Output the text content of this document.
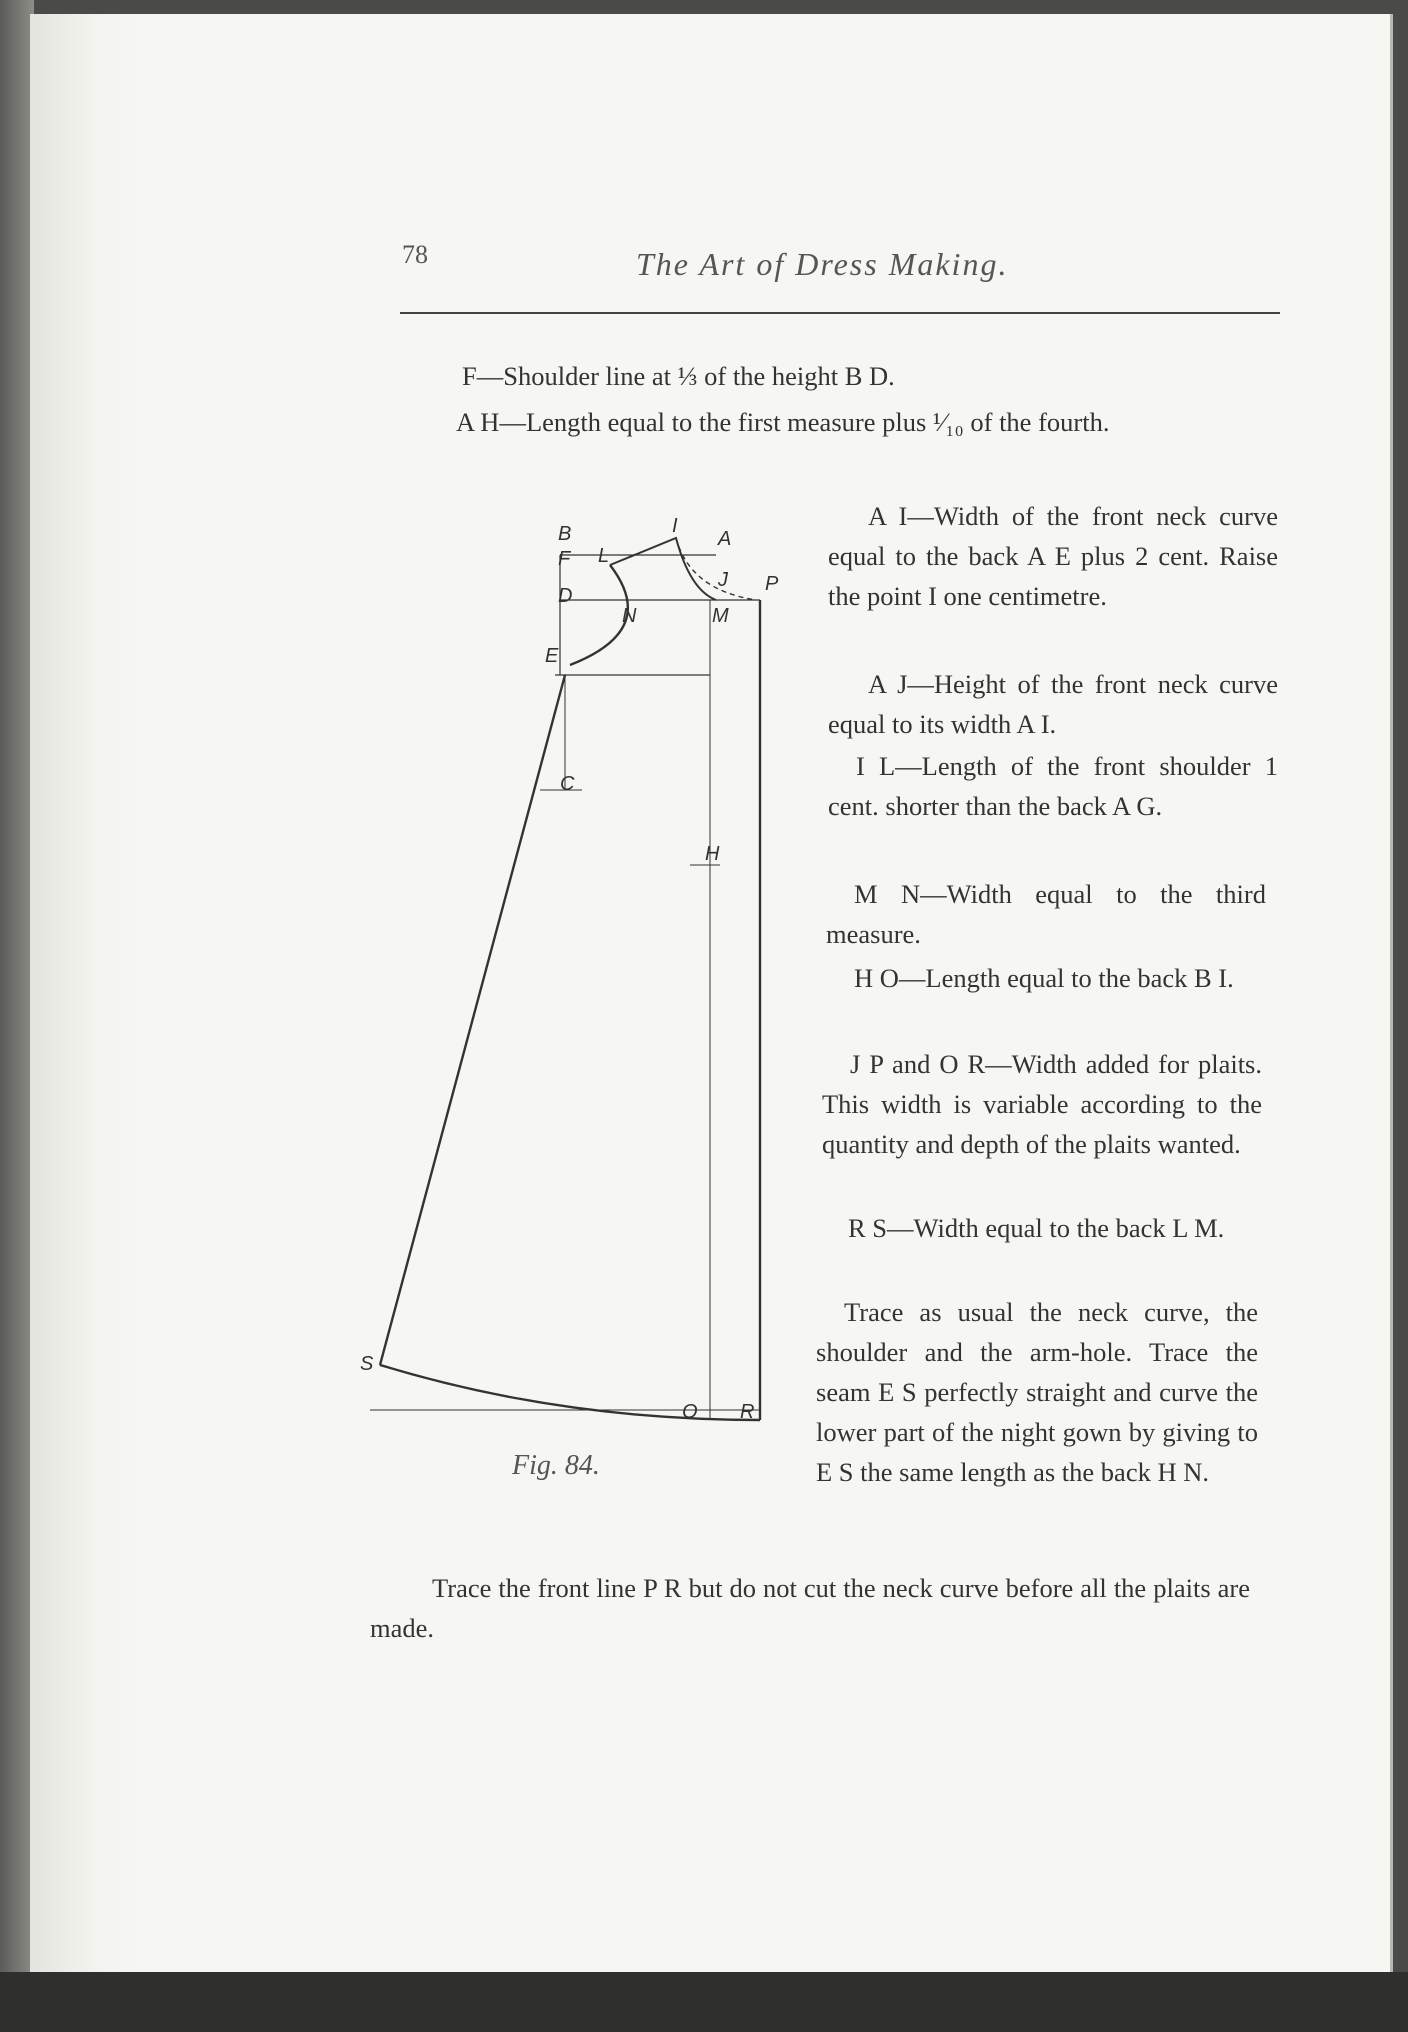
78	The Art of Dress Making.

F—Shoulder line at ⅓ of the height B D.

A H—Length equal to the first measure plus ¹⁄₁₀ of the fourth.

A I—Width of the front neck curve equal to the back A E plus 2 cent. Raise the point I one centimetre.

A J—Height of the front neck curve equal to its width A I.

I L—Length of the front shoulder 1 cent. shorter than the back A G.

M N—Width equal to the third measure.

H O—Length equal to the back B I.

J P and O R—Width added for plaits. This width is variable according to the quantity and depth of the plaits wanted.

R S—Width equal to the back L M.

Trace as usual the neck curve, the shoulder and the arm-hole. Trace the seam E S perfectly straight and curve the lower part of the night gown by giving to E S the same length as the back H N.

Trace the front line P R but do not cut the neck curve before all the plaits are made.

B
F
D
E
C
I
L
A
J P
N	M
H
S
O R
Fig. 84.
